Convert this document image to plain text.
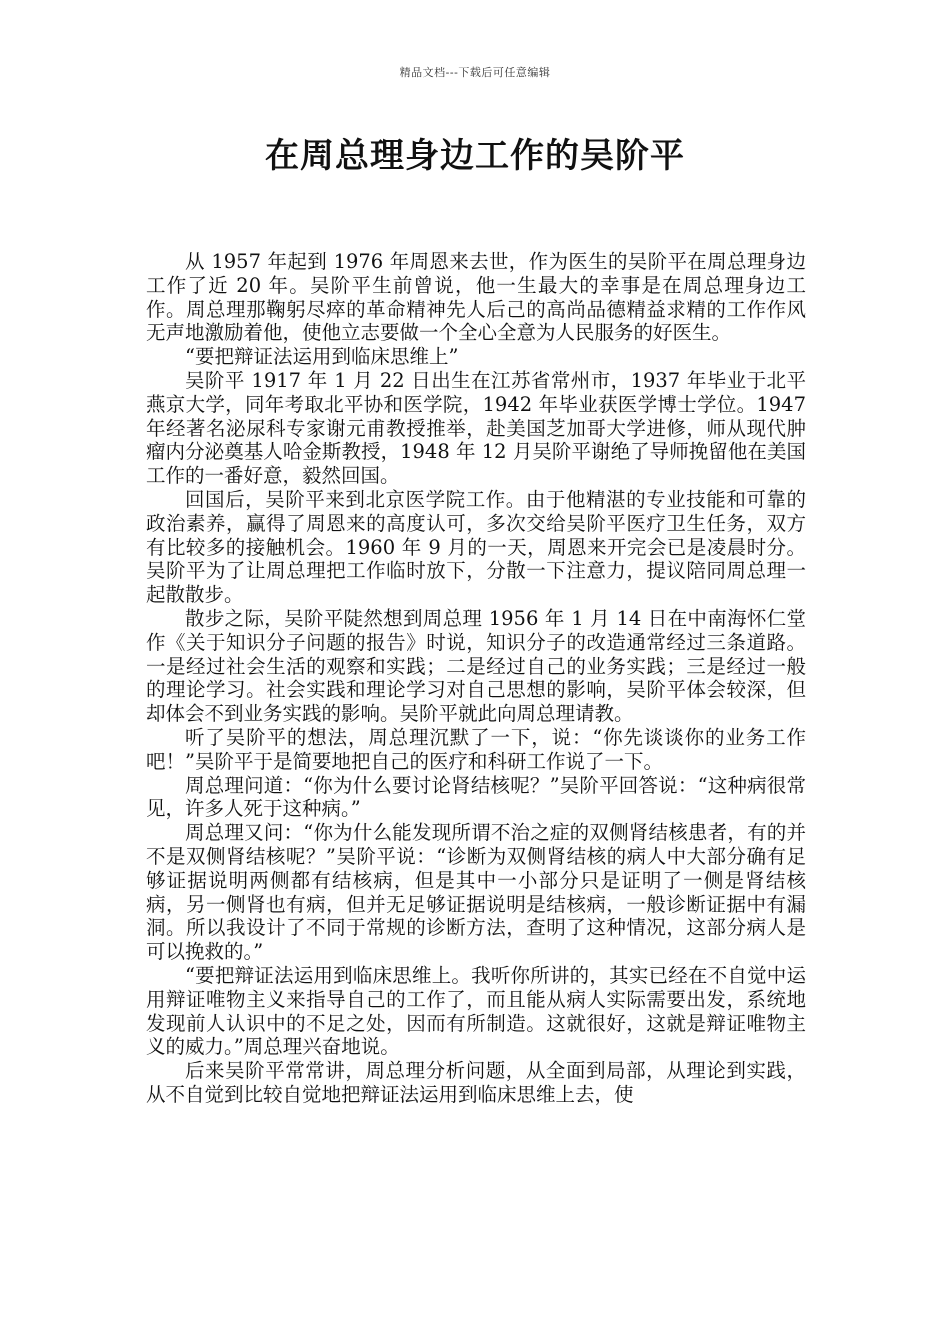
精品文档---下载后可任意编辑
在周总理身边工作的吴阶平

从 1957 年起到 1976 年周恩来去世，作为医生的吴阶平在周总理身边工作了近 20 年。吴阶平生前曾说，他一生最大的幸事是在周总理身边工作。周总理那鞠躬尽瘁的革命精神先人后己的高尚品德精益求精的工作作风无声地激励着他，使他立志要做一个全心全意为人民服务的好医生。

“要把辩证法运用到临床思维上”

吴阶平 1917 年 1 月 22 日出生在江苏省常州市，1937 年毕业于北平燕京大学，同年考取北平协和医学院，1942 年毕业获医学博士学位。1947 年经著名泌尿科专家谢元甫教授推举，赴美国芝加哥大学进修，师从现代肿瘤内分泌奠基人哈金斯教授，1948 年 12 月吴阶平谢绝了导师挽留他在美国工作的一番好意，毅然回国。

回国后，吴阶平来到北京医学院工作。由于他精湛的专业技能和可靠的政治素养，赢得了周恩来的高度认可，多次交给吴阶平医疗卫生任务，双方有比较多的接触机会。1960 年 9 月的一天，周恩来开完会已是凌晨时分。吴阶平为了让周总理把工作临时放下，分散一下注意力，提议陪同周总理一起散散步。

散步之际，吴阶平陡然想到周总理 1956 年 1 月 14 日在中南海怀仁堂作《关于知识分子问题的报告》时说，知识分子的改造通常经过三条道路。一是经过社会生活的观察和实践；二是经过自己的业务实践；三是经过一般的理论学习。社会实践和理论学习对自己思想的影响，吴阶平体会较深，但却体会不到业务实践的影响。吴阶平就此向周总理请教。

听了吴阶平的想法，周总理沉默了一下，说：“你先谈谈你的业务工作吧！”吴阶平于是简要地把自己的医疗和科研工作说了一下。

周总理问道：“你为什么要讨论肾结核呢？”吴阶平回答说：“这种病很常见，许多人死于这种病。”

周总理又问：“你为什么能发现所谓不治之症的双侧肾结核患者，有的并不是双侧肾结核呢？”吴阶平说：“诊断为双侧肾结核的病人中大部分确有足够证据说明两侧都有结核病，但是其中一小部分只是证明了一侧是肾结核病，另一侧肾也有病，但并无足够证据说明是结核病，一般诊断证据中有漏洞。所以我设计了不同于常规的诊断方法，查明了这种情况，这部分病人是可以挽救的。”

“要把辩证法运用到临床思维上。我听你所讲的，其实已经在不自觉中运用辩证唯物主义来指导自己的工作了，而且能从病人实际需要出发，系统地发现前人认识中的不足之处，因而有所制造。这就很好，这就是辩证唯物主义的威力。”周总理兴奋地说。

后来吴阶平常常讲，周总理分析问题，从全面到局部，从理论到实践，从不自觉到比较自觉地把辩证法运用到临床思维上去，使
